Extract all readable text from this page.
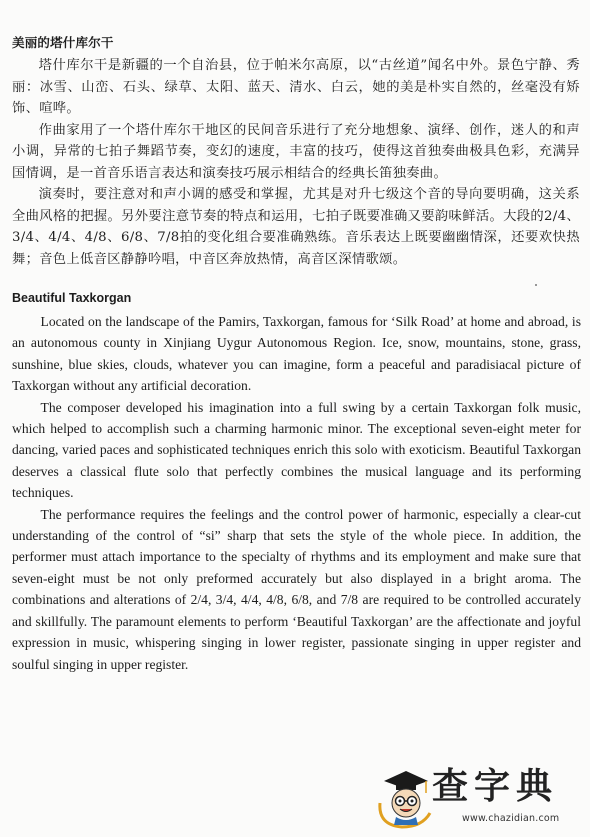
美丽的塔什库尔干

塔什库尔干是新疆的一个自治县，位于帕米尔高原，以“古丝道”闻名中外。景色宁静、秀丽：冰雪、山峦、石头、绿草、太阳、蓝天、清水、白云，她的美是朴实自然的，丝毫没有矫饰、喧哗。

作曲家用了一个塔什库尔干地区的民间音乐进行了充分地想象、演绎、创作，迷人的和声小调，异常的七拍子舞蹈节奏，变幻的速度，丰富的技巧，使得这首独奏曲极具色彩，充满异国情调，是一首音乐语言表达和演奏技巧展示相结合的经典长笛独奏曲。

演奏时，要注意对和声小调的感受和掌握，尤其是对升七级这个音的导向要明确，这关系全曲风格的把握。另外要注意节奏的特点和运用，七拍子既要准确又要韵味鲜活。大段的2/4、3/4、4/4、4/8、6/8、7/8拍的变化组合要准确熟练。音乐表达上既要幽幽情深，还要欢快热舞；音色上低音区静静吟唱，中音区奔放热情，高音区深情歌颂。

Beautiful Taxkorgan

Located on the landscape of the Pamirs, Taxkorgan, famous for ‘Silk Road’ at home and abroad, is an autonomous county in Xinjiang Uygur Autonomous Region. Ice, snow, mountains, stone, grass, sunshine, blue skies, clouds, whatever you can imagine, form a peaceful and paradisiacal picture of Taxkorgan without any artificial decoration.

The composer developed his imagination into a full swing by a certain Taxkorgan folk music, which helped to accomplish such a charming harmonic minor. The exceptional seven-eight meter for dancing, varied paces and sophisticated techniques enrich this solo with exoticism. Beautiful Taxkorgan deserves a classical flute solo that perfectly combines the musical language and its performing techniques.

The performance requires the feelings and the control power of harmonic, especially a clear-cut understanding of the control of “si” sharp that sets the style of the whole piece. In addition, the performer must attach importance to the specialty of rhythms and its employment and make sure that seven-eight must be not only preformed accurately but also displayed in a bright aroma. The combinations and alterations of 2/4, 3/4, 4/4, 4/8, 6/8, and 7/8 are required to be controlled accurately and skillfully. The paramount elements to perform ‘Beautiful Taxkorgan’ are the affectionate and joyful expression in music, whispering singing in lower register, passionate singing in upper register and soulful singing in upper register.

查字典
www.chazidian.com
